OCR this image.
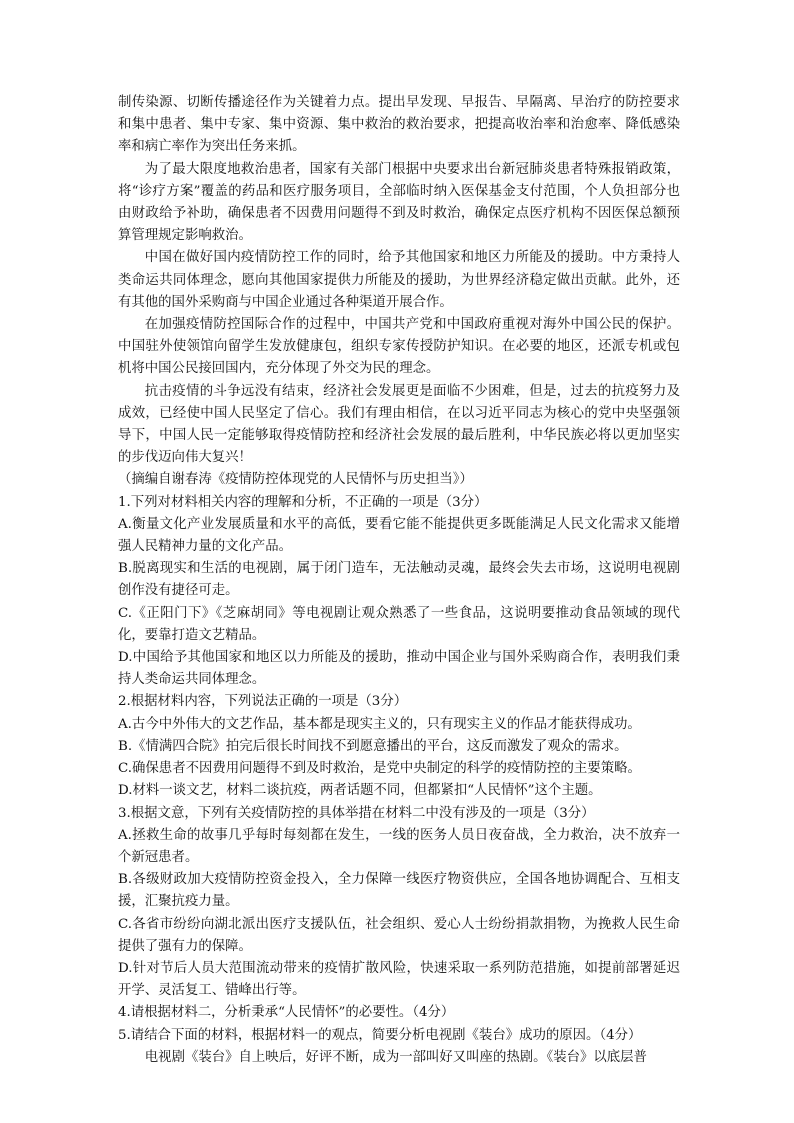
制传染源、切断传播途径作为关键着力点。提出早发现、早报告、早隔离、早治疗的防控要求和集中患者、集中专家、集中资源、集中救治的救治要求，把提高收治率和治愈率、降低感染率和病亡率作为突出任务来抓。

为了最大限度地救治患者，国家有关部门根据中央要求出台新冠肺炎患者特殊报销政策，将“诊疗方案”覆盖的药品和医疗服务项目，全部临时纳入医保基金支付范围，个人负担部分也由财政给予补助，确保患者不因费用问题得不到及时救治，确保定点医疗机构不因医保总额预算管理规定影响救治。

中国在做好国内疫情防控工作的同时，给予其他国家和地区力所能及的援助。中方秉持人类命运共同体理念，愿向其他国家提供力所能及的援助，为世界经济稳定做出贡献。此外，还有其他的国外采购商与中国企业通过各种渠道开展合作。

在加强疫情防控国际合作的过程中，中国共产党和中国政府重视对海外中国公民的保护。中国驻外使领馆向留学生发放健康包，组织专家传授防护知识。在必要的地区，还派专机或包机将中国公民接回国内，充分体现了外交为民的理念。

抗击疫情的斗争远没有结束，经济社会发展更是面临不少困难，但是，过去的抗疫努力及成效，已经使中国人民坚定了信心。我们有理由相信，在以习近平同志为核心的党中央坚强领导下，中国人民一定能够取得疫情防控和经济社会发展的最后胜利，中华民族必将以更加坚实的步伐迈向伟大复兴！

（摘编自谢春涛《疫情防控体现党的人民情怀与历史担当》）

1.下列对材料相关内容的理解和分析，不正确的一项是（3分）

A.衡量文化产业发展质量和水平的高低，要看它能不能提供更多既能满足人民文化需求又能增强人民精神力量的文化产品。

B.脱离现实和生活的电视剧，属于闭门造车，无法触动灵魂，最终会失去市场，这说明电视剧创作没有捷径可走。

C.《正阳门下》《芝麻胡同》等电视剧让观众熟悉了一些食品，这说明要推动食品领域的现代化，要靠打造文艺精品。

D.中国给予其他国家和地区以力所能及的援助，推动中国企业与国外采购商合作，表明我们秉持人类命运共同体理念。

2.根据材料内容，下列说法正确的一项是（3分）

A.古今中外伟大的文艺作品，基本都是现实主义的，只有现实主义的作品才能获得成功。

B.《情满四合院》拍完后很长时间找不到愿意播出的平台，这反而激发了观众的需求。

C.确保患者不因费用问题得不到及时救治，是党中央制定的科学的疫情防控的主要策略。

D.材料一谈文艺，材料二谈抗疫，两者话题不同，但都紧扣“人民情怀”这个主题。

3.根据文意，下列有关疫情防控的具体举措在材料二中没有涉及的一项是（3分）

A.拯救生命的故事几乎每时每刻都在发生，一线的医务人员日夜奋战，全力救治，决不放弃一个新冠患者。

B.各级财政加大疫情防控资金投入，全力保障一线医疗物资供应，全国各地协调配合、互相支援，汇聚抗疫力量。

C.各省市纷纷向湖北派出医疗支援队伍，社会组织、爱心人士纷纷捐款捐物，为挽救人民生命提供了强有力的保障。

D.针对节后人员大范围流动带来的疫情扩散风险，快速采取一系列防范措施，如提前部署延迟开学、灵活复工、错峰出行等。

4.请根据材料二，分析秉承“人民情怀”的必要性。（4分）

5.请结合下面的材料，根据材料一的观点，简要分析电视剧《装台》成功的原因。（4分）

电视剧《装台》自上映后，好评不断，成为一部叫好又叫座的热剧。《装台》以底层普
